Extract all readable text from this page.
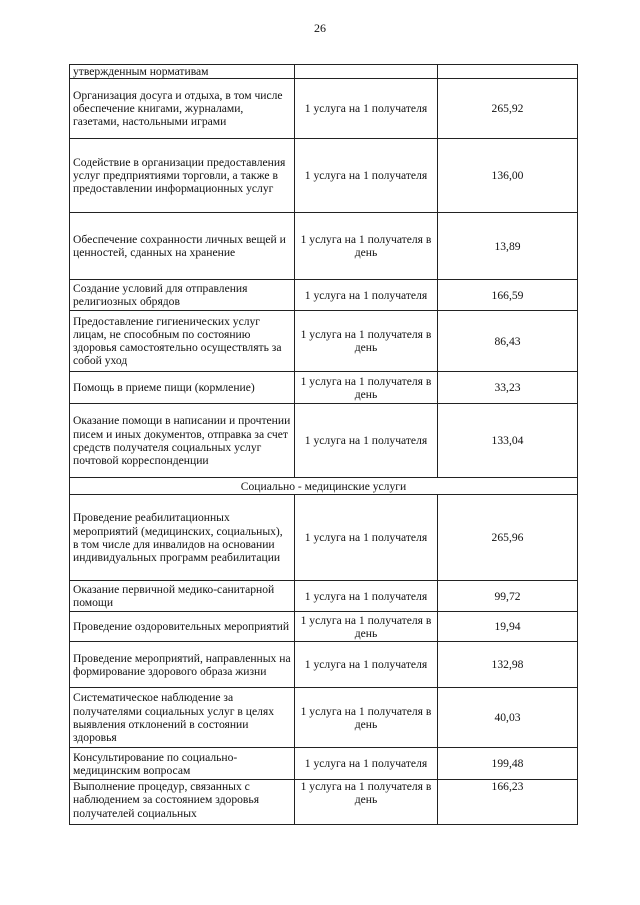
26
утвержденным нормативам		
Организация досуга и отдыха, в том числе обеспечение книгами, журналами, газетами, настольными играми	1 услуга на 1 получателя	265,92
Содействие в организации предоставления услуг предприятиями торговли, а также в предоставлении информационных услуг	1 услуга на 1 получателя	136,00
Обеспечение сохранности личных вещей и ценностей, сданных на хранение	1 услуга на 1 получателя в день	13,89
Создание условий для отправления религиозных обрядов	1 услуга на 1 получателя	166,59
Предоставление гигиенических услуг лицам, не способным по состоянию здоровья самостоятельно осуществлять за собой уход	1 услуга на 1 получателя в день	86,43
Помощь в приеме пищи (кормление)	1 услуга на 1 получателя в день	33,23
Оказание помощи в написании и прочтении писем и иных документов, отправка за счет средств получателя социальных услуг почтовой корреспонденции	1 услуга на 1 получателя	133,04
Социально - медицинские услуги		
Проведение реабилитационных мероприятий (медицинских, социальных), в том числе для инвалидов на основании индивидуальных программ реабилитации	1 услуга на 1 получателя	265,96
Оказание первичной медико-санитарной помощи	1 услуга на 1 получателя	99,72
Проведение оздоровительных мероприятий	1 услуга на 1 получателя в день	19,94
Проведение мероприятий, направленных на формирование здорового образа жизни	1 услуга на 1 получателя	132,98
Систематическое наблюдение за получателями социальных услуг в целях выявления отклонений в состоянии здоровья	1 услуга на 1 получателя в день	40,03
Консультирование по социально-медицинским вопросам	1 услуга на 1 получателя	199,48
Выполнение процедур, связанных с наблюдением за состоянием здоровья получателей социальных	1 услуга на 1 получателя в день	166,23
